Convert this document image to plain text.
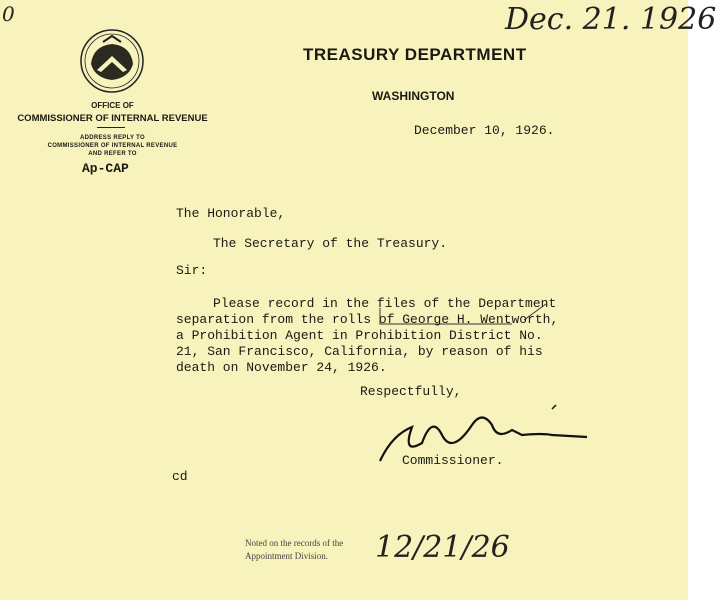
0	Dec. 21. 1926
TREASURY DEPARTMENT
WASHINGTON
OFFICE OF
COMMISSIONER OF INTERNAL REVENUE
ADDRESS REPLY TO
COMMISSIONER OF INTERNAL REVENUE
AND REFER TO
Ap-CAP
December 10, 1926.
The Honorable,
The Secretary of the Treasury.
Sir:
Please record in the files of the Department
separation from the rolls of George H. Wentworth,
a Prohibition Agent in Prohibition District No.
21, San Francisco, California, by reason of his
death on November 24, 1926.
Respectfully,
Commissioner.
cd
Noted on the records of the
Appointment Division. 12/21/26
